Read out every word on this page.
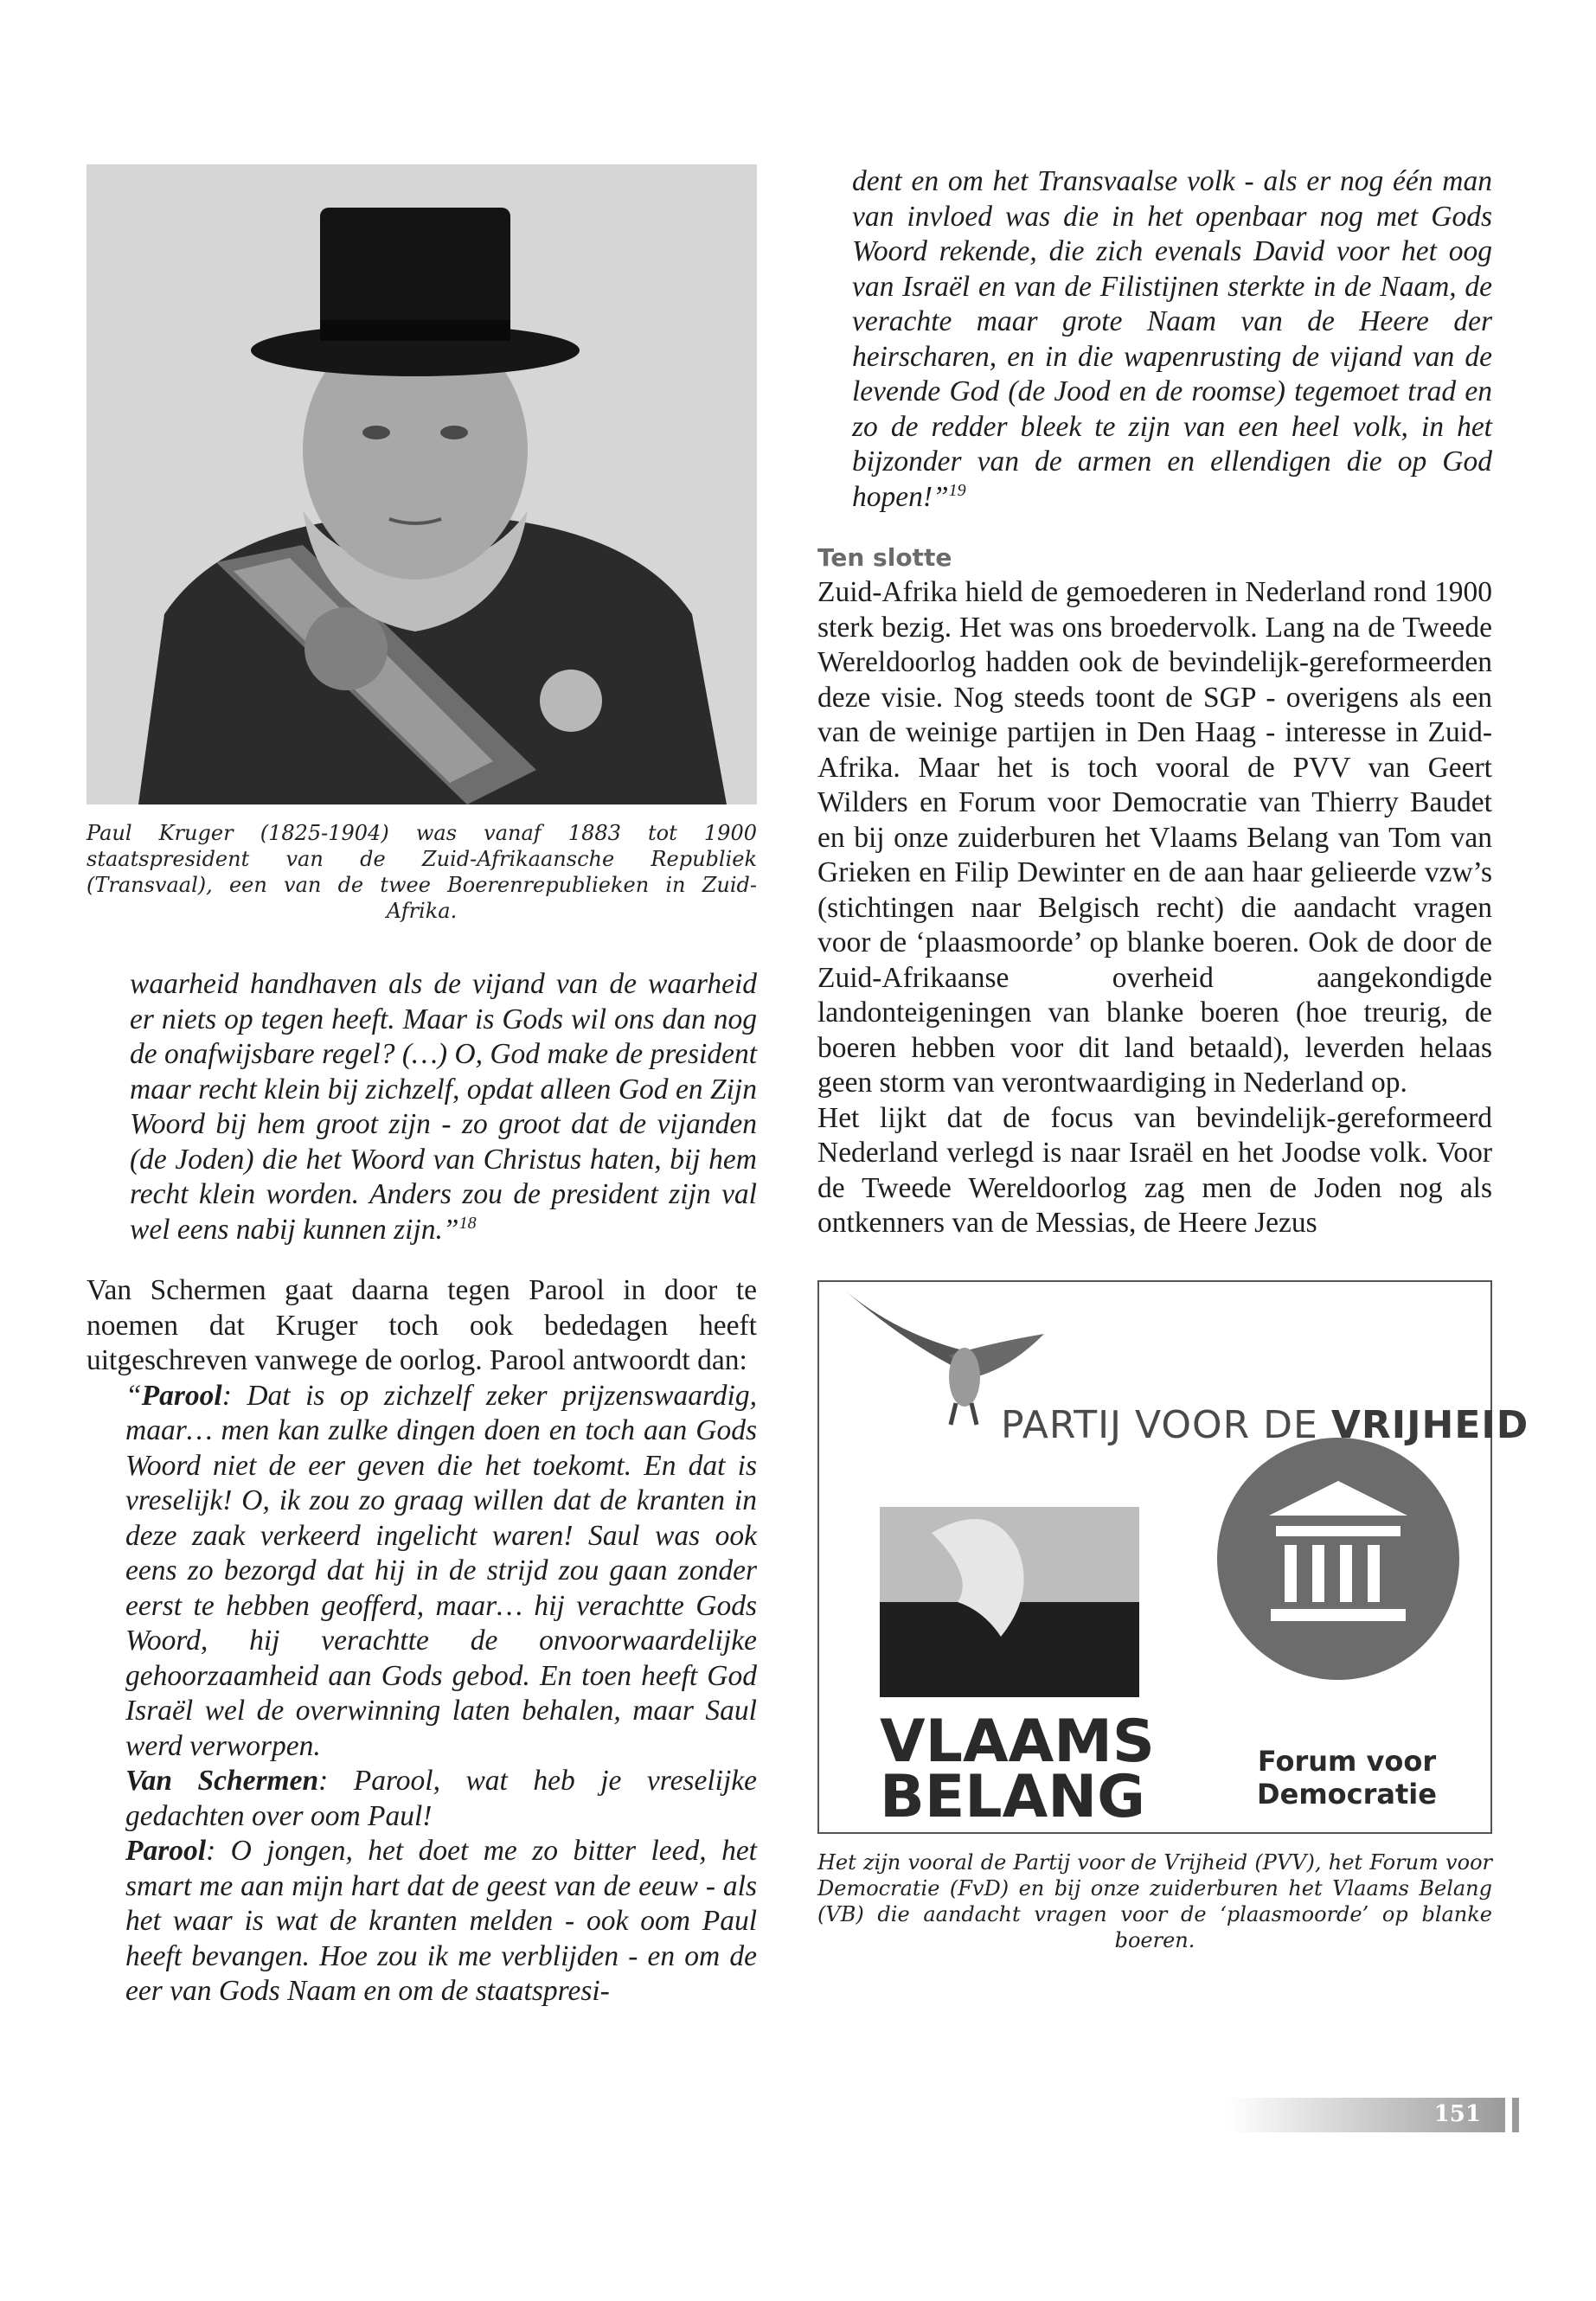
Paul Kruger (1825-1904) was vanaf 1883 tot 1900 staatspresident van de Zuid-Afrikaansche Republiek (Transvaal), een van de twee Boerenrepublieken in Zuid-Afrika.

waarheid handhaven als de vijand van de waarheid er niets op tegen heeft. Maar is Gods wil ons dan nog de onafwijsbare regel? (…) O, God make de president maar recht klein bij zichzelf, opdat alleen God en Zijn Woord bij hem groot zijn - zo groot dat de vijanden (de Joden) die het Woord van Christus haten, bij hem recht klein worden. Anders zou de president zijn val wel eens nabij kunnen zijn.”$^{18}$

Van Schermen gaat daarna tegen Parool in door te noemen dat Kruger toch ook bededagen heeft uitgeschreven vanwege de oorlog. Parool antwoordt dan:

“Parool: Dat is op zichzelf zeker prijzenswaardig, maar… men kan zulke dingen doen en toch aan Gods Woord niet de eer geven die het toekomt. En dat is vreselijk! O, ik zou zo graag willen dat de kranten in deze zaak verkeerd ingelicht waren! Saul was ook eens zo bezorgd dat hij in de strijd zou gaan zonder eerst te hebben geofferd, maar… hij verachtte Gods Woord, hij verachtte de onvoorwaardelijke gehoorzaamheid aan Gods gebod. En toen heeft God Israël wel de overwinning laten behalen, maar Saul werd verworpen.

Van Schermen: Parool, wat heb je vreselijke gedachten over oom Paul!

Parool: O jongen, het doet me zo bitter leed, het smart me aan mijn hart dat de geest van de eeuw - als het waar is wat de kranten melden - ook oom Paul heeft bevangen. Hoe zou ik me verblijden - en om de eer van Gods Naam en om de staatspresi-

dent en om het Transvaalse volk - als er nog één man van invloed was die in het openbaar nog met Gods Woord rekende, die zich evenals David voor het oog van Israël en van de Filistijnen sterkte in de Naam, de verachte maar grote Naam van de Heere der heirscharen, en in die wapenrusting de vijand van de levende God (de Jood en de roomse) tegemoet trad en zo de redder bleek te zijn van een heel volk, in het bijzonder van de armen en ellendigen die op God hopen!”$^{19}$

Ten slotte

Zuid-Afrika hield de gemoederen in Nederland rond 1900 sterk bezig. Het was ons broedervolk. Lang na de Tweede Wereldoorlog hadden ook de bevindelijk-gereformeerden deze visie. Nog steeds toont de SGP - overigens als een van de weinige partijen in Den Haag - interesse in Zuid-Afrika. Maar het is toch vooral de PVV van Geert Wilders en Forum voor Democratie van Thierry Baudet en bij onze zuiderburen het Vlaams Belang van Tom van Grieken en Filip Dewinter en de aan haar gelieerde vzw’s (stichtingen naar Belgisch recht) die aandacht vragen voor de ‘plaasmoorde’ op blanke boeren. Ook de door de Zuid-Afrikaanse overheid aangekondigde landonteigeningen van blanke boeren (hoe treurig, de boeren hebben voor dit land betaald), leverden helaas geen storm van verontwaardiging in Nederland op.

Het lijkt dat de focus van bevindelijk-gereformeerd Nederland verlegd is naar Israël en het Joodse volk. Voor de Tweede Wereldoorlog zag men de Joden nog als ontkenners van de Messias, de Heere Jezus

PARTIJ VOOR DE VRIJHEID
VLAAMS
BELANG
Forum voor
Democratie
Het zijn vooral de Partij voor de Vrijheid (PVV), het Forum voor Democratie (FvD) en bij onze zuiderburen het Vlaams Belang (VB) die aandacht vragen voor de ‘plaasmoorde’ op blanke boeren.
151
